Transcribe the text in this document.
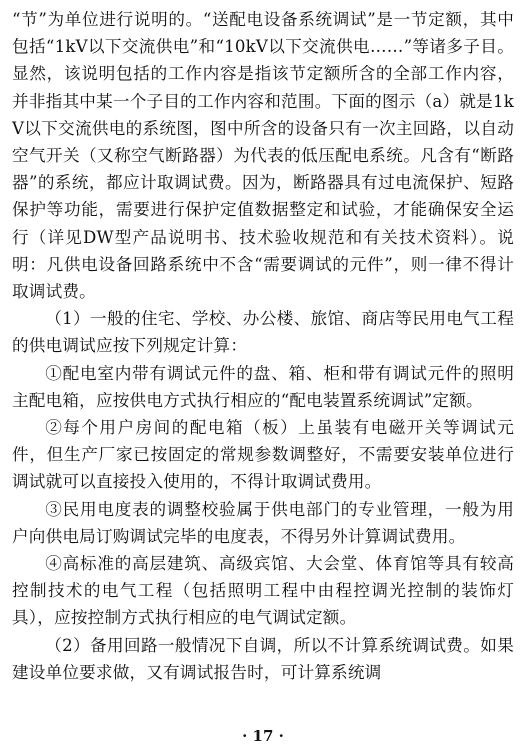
“节”为单位进行说明的。“送配电设备系统调试”是一节定额，其中包括“1kV以下交流供电”和“10kV以下交流供电……”等诸多子目。显然，该说明包括的工作内容是指该节定额所含的全部工作内容，并非指其中某一个子目的工作内容和范围。下面的图示（a）就是1kV以下交流供电的系统图，图中所含的设备只有一次主回路，以自动空气开关（又称空气断路器）为代表的低压配电系统。凡含有“断路器”的系统，都应计取调试费。因为，断路器具有过电流保护、短路保护等功能，需要进行保护定值数据整定和试验，才能确保安全运行（详见DW型产品说明书、技术验收规范和有关技术资料）。说明：凡供电设备回路系统中不含“需要调试的元件”，则一律不得计取调试费。

（1）一般的住宅、学校、办公楼、旅馆、商店等民用电气工程的供电调试应按下列规定计算：

①配电室内带有调试元件的盘、箱、柜和带有调试元件的照明主配电箱，应按供电方式执行相应的“配电装置系统调试”定额。

②每个用户房间的配电箱（板）上虽装有电磁开关等调试元件，但生产厂家已按固定的常规参数调整好，不需要安装单位进行调试就可以直接投入使用的，不得计取调试费用。

③民用电度表的调整校验属于供电部门的专业管理，一般为用户向供电局订购调试完毕的电度表，不得另外计算调试费用。

④高标准的高层建筑、高级宾馆、大会堂、体育馆等具有较高控制技术的电气工程（包括照明工程中由程控调光控制的装饰灯具），应按控制方式执行相应的电气调试定额。

（2）备用回路一般情况下自调，所以不计算系统调试费。如果建设单位要求做，又有调试报告时，可计算系统调

· 17 ·
